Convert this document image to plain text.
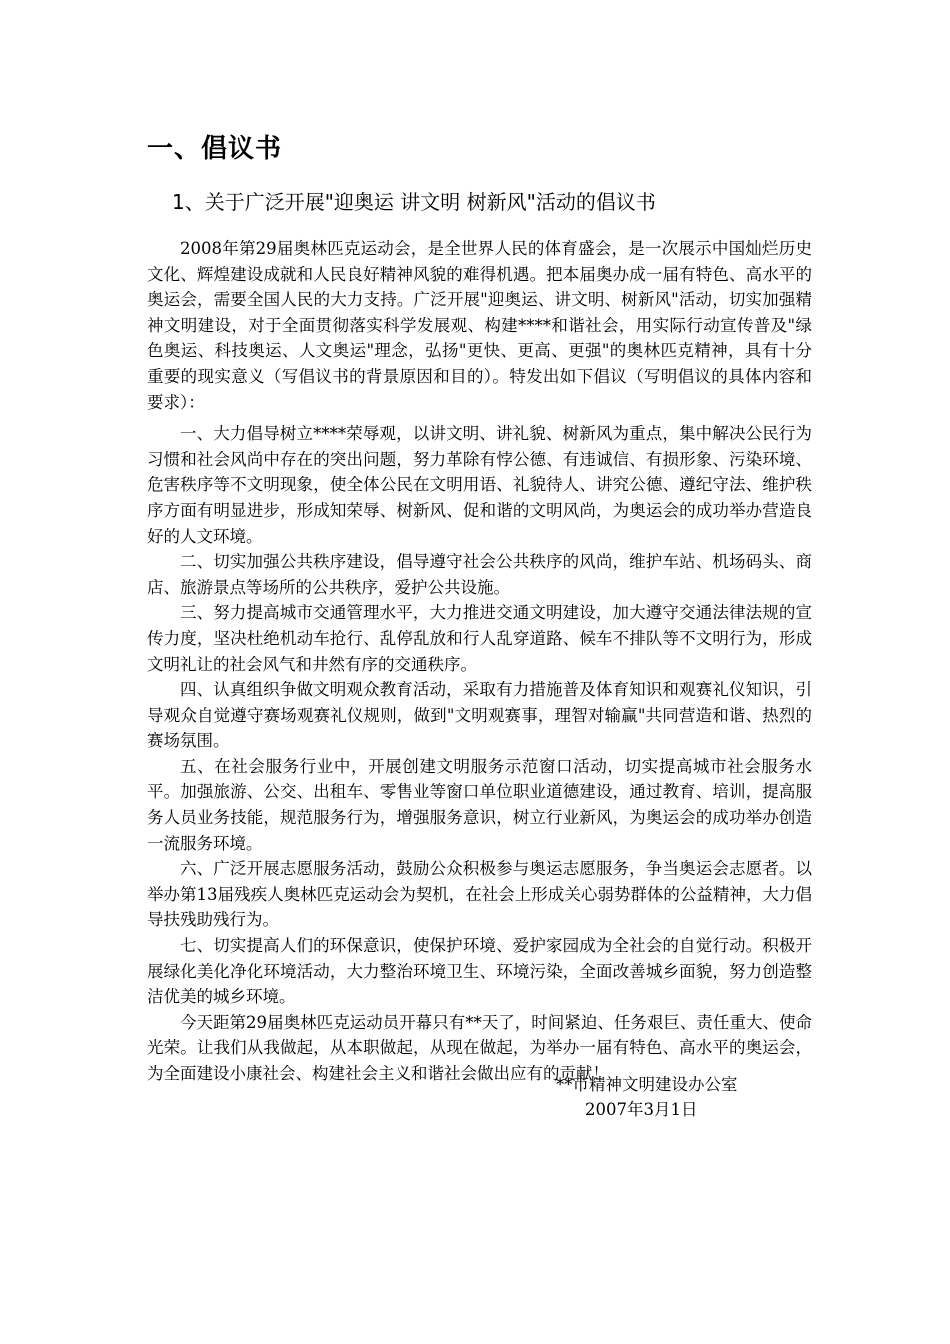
一、倡议书
1、关于广泛开展"迎奥运 讲文明 树新风"活动的倡议书

2008年第29届奥林匹克运动会，是全世界人民的体育盛会，是一次展示中国灿烂历史文化、辉煌建设成就和人民良好精神风貌的难得机遇。把本届奥办成一届有特色、高水平的奥运会，需要全国人民的大力支持。广泛开展"迎奥运、讲文明、树新风"活动，切实加强精神文明建设，对于全面贯彻落实科学发展观、构建****和谐社会，用实际行动宣传普及"绿色奥运、科技奥运、人文奥运"理念，弘扬"更快、更高、更强"的奥林匹克精神，具有十分重要的现实意义（写倡议书的背景原因和目的）。特发出如下倡议（写明倡议的具体内容和要求）：

一、大力倡导树立****荣辱观，以讲文明、讲礼貌、树新风为重点，集中解决公民行为习惯和社会风尚中存在的突出问题，努力革除有悖公德、有违诚信、有损形象、污染环境、危害秩序等不文明现象，使全体公民在文明用语、礼貌待人、讲究公德、遵纪守法、维护秩序方面有明显进步，形成知荣辱、树新风、促和谐的文明风尚，为奥运会的成功举办营造良好的人文环境。

二、切实加强公共秩序建设，倡导遵守社会公共秩序的风尚，维护车站、机场码头、商店、旅游景点等场所的公共秩序，爱护公共设施。

三、努力提高城市交通管理水平，大力推进交通文明建设，加大遵守交通法律法规的宣传力度，坚决杜绝机动车抢行、乱停乱放和行人乱穿道路、候车不排队等不文明行为，形成文明礼让的社会风气和井然有序的交通秩序。

四、认真组织争做文明观众教育活动，采取有力措施普及体育知识和观赛礼仪知识，引导观众自觉遵守赛场观赛礼仪规则，做到"文明观赛事，理智对输赢"共同营造和谐、热烈的赛场氛围。

五、在社会服务行业中，开展创建文明服务示范窗口活动，切实提高城市社会服务水平。加强旅游、公交、出租车、零售业等窗口单位职业道德建设，通过教育、培训，提高服务人员业务技能，规范服务行为，增强服务意识，树立行业新风，为奥运会的成功举办创造一流服务环境。

六、广泛开展志愿服务活动，鼓励公众积极参与奥运志愿服务，争当奥运会志愿者。以举办第13届残疾人奥林匹克运动会为契机，在社会上形成关心弱势群体的公益精神，大力倡导扶残助残行为。

七、切实提高人们的环保意识，使保护环境、爱护家园成为全社会的自觉行动。积极开展绿化美化净化环境活动，大力整治环境卫生、环境污染，全面改善城乡面貌，努力创造整洁优美的城乡环境。

今天距第29届奥林匹克运动员开幕只有**天了，时间紧迫、任务艰巨、责任重大、使命光荣。让我们从我做起，从本职做起，从现在做起，为举办一届有特色、高水平的奥运会，为全面建设小康社会、构建社会主义和谐社会做出应有的贡献！

**市精神文明建设办公室
2007年3月1日
